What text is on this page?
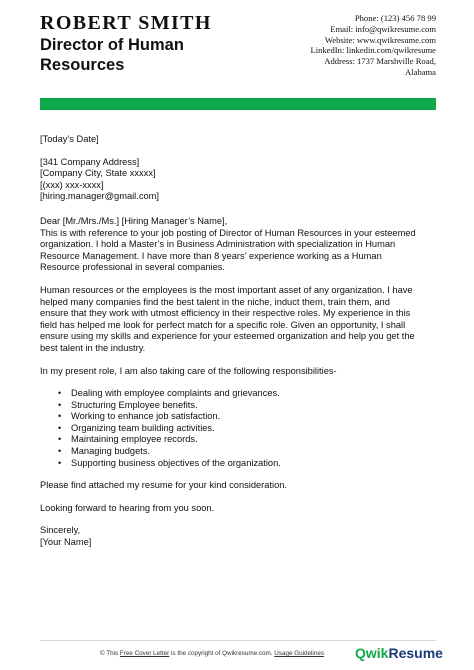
ROBERT SMITH
Director of Human
Resources
Phone: (123) 456 78 99
Email: info@qwikresume.com
Website: www.qwikresume.com
LinkedIn: linkedin.com/qwikresume
Address: 1737 Marshville Road,
Alabama
[Today’s Date]
[341 Company Address]
[Company City, State xxxxx]
[(xxx) xxx-xxxx]
[hiring.manager@gmail.com]
Dear [Mr./Mrs./Ms.] [Hiring Manager’s Name],
This is with reference to your job posting of Director of Human Resources in your esteemed
organization. I hold a Master’s in Business Administration with specialization in Human
Resource Management. I have more than 8 years’ experience working as a Human
Resource professional in several companies.
Human resources or the employees is the most important asset of any organization. I have
helped many companies find the best talent in the niche, induct them, train them, and
ensure that they work with utmost efficiency in their respective roles. My experience in this
field has helped me look for perfect match for a specific role. Given an opportunity, I shall
ensure using my skills and experience for your esteemed organization and help you get the
best talent in the industry.
In my present role, I am also taking care of the following responsibilities-
• Dealing with employee complaints and grievances.
• Structuring Employee benefits.
• Working to enhance job satisfaction.
• Organizing team building activities.
• Maintaining employee records.
• Managing budgets.
• Supporting business objectives of the organization.
Please find attached my resume for your kind consideration.
Looking forward to hearing from you soon.
Sincerely,
[Your Name]
© This Free Cover Letter is the copyright of Qwikresume.com. Usage Guidelines QwikResume
